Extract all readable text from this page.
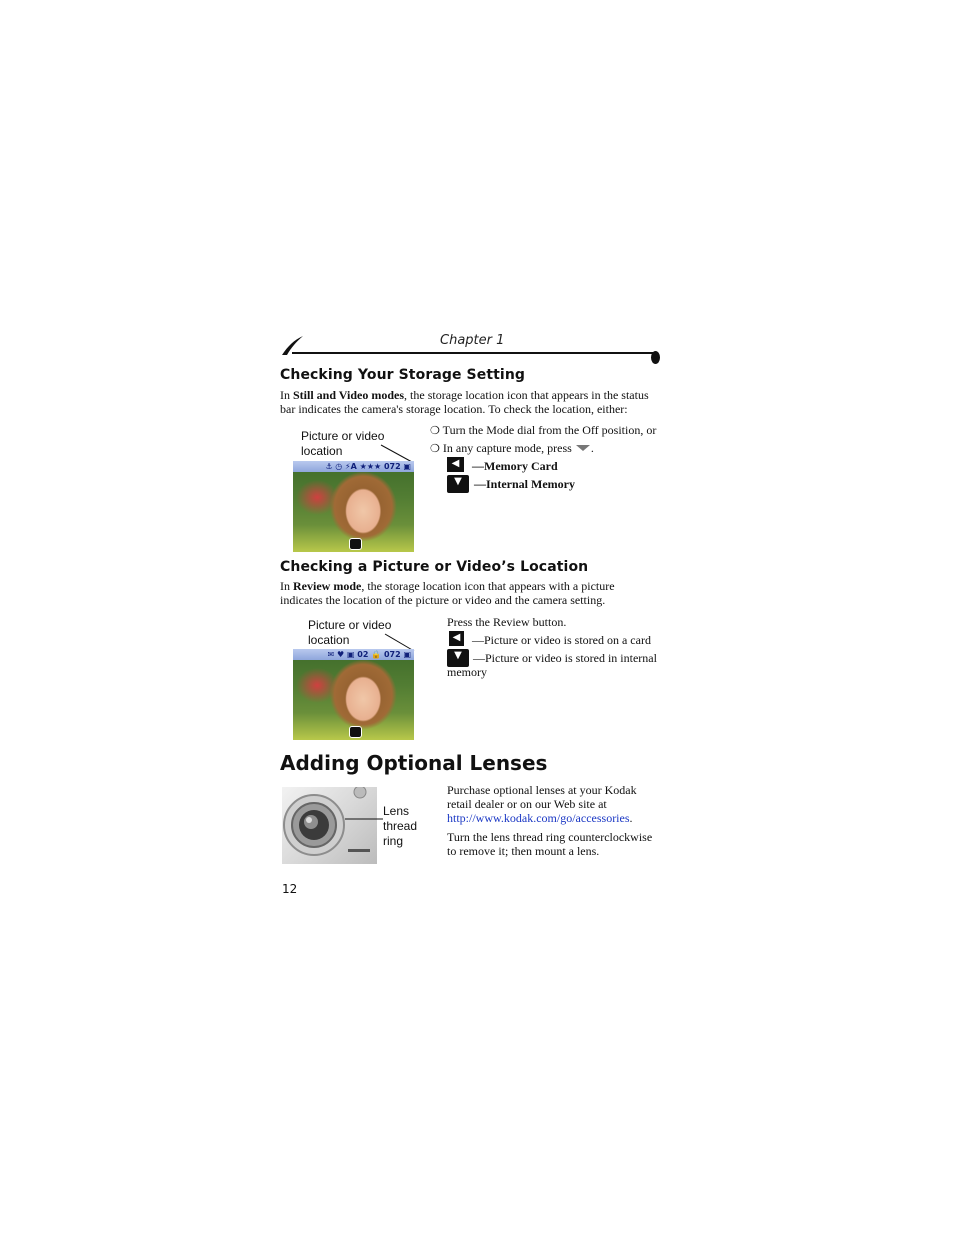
Chapter 1
Checking Your Storage Setting
In Still and Video modes, the storage location icon that appears in the status
bar indicates the camera's storage location. To check the location, either:
Picture or video
location
⚓ ◷ ⚡A ★★★ 072 ▣
❍ Turn the Mode dial from the Off position, or
❍ In any capture mode, press .
◀	—Memory Card
▼	—Internal Memory
Checking a Picture or Video’s Location
In Review mode, the storage location icon that appears with a picture
indicates the location of the picture or video and the camera setting.
Picture or video
location
✉ ♥ ▣ 02 🔒 072 ▣
Press the Review button.
◀ —Picture or video is stored on a card
▼ —Picture or video is stored in internal
memory
Adding Optional Lenses
Lens
thread
ring
Purchase optional lenses at your Kodak
retail dealer or on our Web site at
http://www.kodak.com/go/accessories.
Turn the lens thread ring counterclockwise
to remove it; then mount a lens.
12
